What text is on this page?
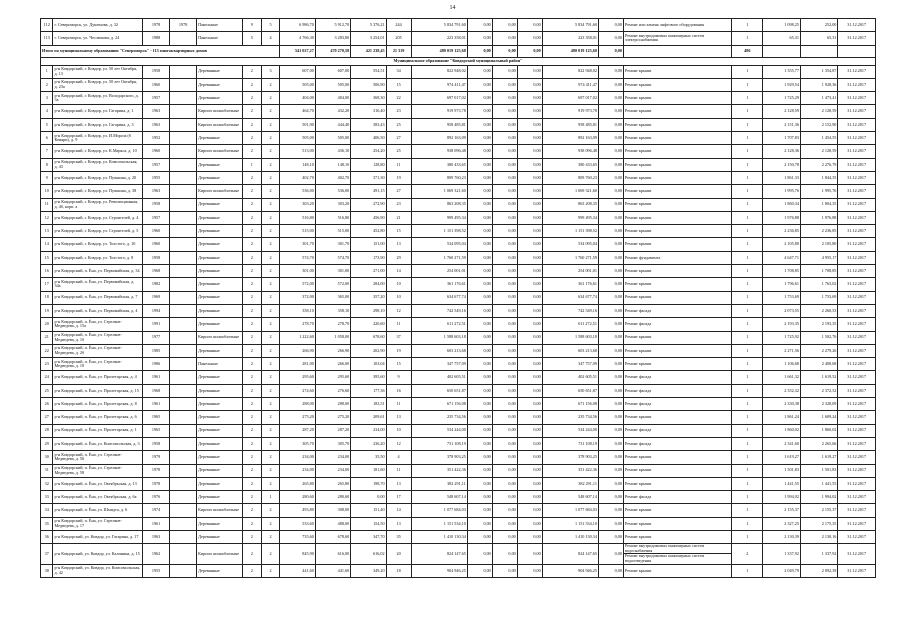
14
112	г. Североморск, ул. Душенова, д. 32	1978	1978	Панельные	9	5	6 986,70	5 912,70	5 376,21	244	5 834 791,60	0,00	0,00	0,00	5 834 791,60	0,00	Ремонт или замена лифтового оборудования	1	1 098,25	252,00	31.12.2017
113	г. Североморск, ул. Чеслюкова, д. 24	1988		Панельные	5	4	4 766,30	3 283,80	3 254,01	205	223 358,01	0,00	0,00	0,00	223 358,01	0,00	Ремонт внутридомовых инженерных систем электроснабжения	1	65,31	65,31	31.12.2017
Итого по муниципальному образованию "Североморск" - 113 многоквартирных домов							541 027,27	470 270,58	421 238,45	21 319	480 019 125,68	0,00	0,00	0,00	480 019 125,68	0,00		486			
Муниципальное образование "Ковдорский муниципальный район"																					
1	р-н Ковдорский, г. Ковдор, ул. 50 лет Октября, д. 13	1958		Деревянные	2	3	607,00	607,00	554,51	34	822 948,02	0,00	0,00	0,00	822 948,02	0,00	Ремонт крыши	1	1 355,77	1 354,87	31.12.2017
2	р-н Ковдорский, г. Ковдор, ул. 50 лет Октября, д. 23а	1960		Деревянные	2	2	505,00	505,00	506,90	15	974 411,47	0,00	0,00	0,00	974 411,47	0,00	Ремонт крыши	1	1 929,54	1 928,36	31.12.2017
3	р-н Ковдорский, г. Ковдор, ул. Володарского, д. 3а	1957		Деревянные	2	2	404,00	404,00	368,30	22	697 017,02	0,00	0,00	0,00	697 017,02	0,00	Ремонт крыши	1	1 725,29	1 473,41	31.12.2017
4	р-н Ковдорский, г. Ковдор, ул. Гагарина, д. 1	1963		Кирпич шлакоблочные	2	2	464,70	432,20	316,40	23	919 973,78	0,00	0,00	0,00	919 973,78	0,00	Ремонт крыши	1	2 128,59	2 128,59	31.12.2017
5	р-н Ковдорский, г. Ковдор, ул. Гагарина, д. 3	1963		Кирпич шлакоблочные	2	2	501,90	444,40	383,43	25	958 485,81	0,00	0,00	0,00	958 485,81	0,00	Ремонт крыши	1	2 151,36	2 152,90	31.12.2017
6	р-н Ковдорский, г. Ковдор, ул. И.Мороза (б Кеняри), д. 9	1952		Деревянные	2	2	505,00	505,00	406,50	27	892 163,09	0,00	0,00	0,00	892 163,09	0,00	Ремонт крыши	1	1 707,83	1 454,55	31.12.2017
7	р-н Ковдорский, г. Ковдор, ул. К.Маркса, д. 10	1960		Кирпич шлакоблочные	2	2	513,00	436,10	254,20	25	938 096,48	0,00	0,00	0,00	938 096,48	0,00	Ремонт крыши	1	2 128,36	2 128,59	31.12.2017
8	р-н Ковдорский, г. Ковдор, ул. Комсомольская, д. 43	1957		Деревянные	1	2	148,10	148,10	128,80	11	380 433,65	0,00	0,00	0,00	380 433,65	0,00	Ремонт крыши	1	2 150,78	2 276,79	31.12.2017
9	р-н Ковдорский, г. Ковдор, ул. Пушкина, д. 20	1955		Деревянные	2	2	402,70	402,70	371,30	19	809 760,23	0,00	0,00	0,00	809 760,23	0,00	Ремонт крыши	1	1 861,33	1 844,35	31.12.2017
10	р-н Ковдорский, г. Ковдор, ул. Пушкина, д. 38	1963		Кирпич шлакоблочные	2	2	536,00	536,00	491,15	27	1 069 321,60	0,00	0,00	0,00	1 069 321,60	0,00	Ремонт крыши	1	1 995,76	1 995,76	31.12.2017
11	р-н Ковдорский, г. Ковдор, ул. Революционная, д. 4б, корп. а	1958		Деревянные	2	2	303,20	303,20	272,90	23	863 208,35	0,00	0,00	0,00	863 208,35	0,00	Ремонт крыши	1	1 860,34	1 804,35	31.12.2017
12	р-н Ковдорский, г. Ковдор, ул. Строителей, д. 4	1957		Деревянные	2	2	516,80	516,80	456,90	21	999 495,34	0,00	0,00	0,00	999 495,34	0,00	Ремонт крыши	1	1 976,88	1 976,88	31.12.2017
13	р-н Ковдорский, г. Ковдор, ул. Строителей, д. 5	1960		Деревянные	2	2	515,00	515,00	452,80	15	1 151 398,52	0,00	0,00	0,00	1 151 398,52	0,00	Ремонт крыши	1	2 236,85	2 236,85	31.12.2017
14	р-н Ковдорский, г. Ковдор, ул. Толстого, д. 10	1960		Деревянные	2	2	301,70	301,70	151,00	13	534 095,04	0,00	0,00	0,00	534 095,04	0,00	Ремонт крыши	1	2 105,80	2 105,80	31.12.2017
15	р-н Ковдорский, г. Ковдор, ул. Толстого, д. 8	1958		Деревянные	2	2	574,70	574,70	173,90	29	1 760 271,59	0,00	0,00	0,00	1 760 271,59	0,00	Ремонт фундамента	1	4 647,71	4 955,17	31.12.2017
16	р-н Ковдорский, п. Ёна, ул. Первомайская, д. 34	1968		Деревянные	2	2	301,00	301,00	271,00	14	254 001,01	0,00	0,00	0,00	254 001,01	0,00	Ремонт крыши	1	1 708,85	1 708,85	31.12.2017
17	р-н Ковдорский, п. Ёна, ул. Первомайская, д. 34а	1982		Деревянные	2	2	572,00	572,00	284,00	10	361 176,61	0,00	0,00	0,00	361 176,61	0,00	Ремонт крыши	1	1 796,61	1 763,02	31.12.2017
18	р-н Ковдорский, п. Ёна, ул. Первомайская, д. 7	1969		Деревянные	2	2	372,00	365,00	357,20	10	634 677,74	0,00	0,00	0,00	634 677,74	0,00	Ремонт крыши	1	1 753,69	1 753,69	31.12.2017
19	р-н Ковдорский, п. Ёна, ул. Первомайская, д. 4	1994		Деревянные	2	2	358,10	358,10	298,10	12	742 549,16	0,00	0,00	0,00	742 549,16	0,00	Ремонт фасада	1	2 073,55	2 260,53	31.12.2017
20	р-н Ковдорский, п. Ёна, ул. Стрелков-Медведева, д. 15а	1991		Деревянные	2	2	278,70	278,70	220,60	11	611 272,51	0,00	0,00	0,00	611 272,51	0,00	Ремонт фасада	1	2 193,35	2 193,35	31.12.2017
21	р-н Ковдорский, п. Ёна, ул. Стрелков-Медведева, д. 1б	1977		Кирпич шлакоблочные	2	2	1 222,60	1 058,00	678,60	37	1 588 603,18	0,00	0,00	0,00	1 588 603,18	0,00	Ремонт крыши	1	1 725,92	1 502,76	31.12.2017
22	р-н Ковдорский, п. Ёна, ул. Стрелков-Медведева, д. 2б	1985		Деревянные	2	2	266,90	266,90	202,90	19	603 213,68	0,00	0,00	0,00	603 213,68	0,00	Ремонт крыши	1	2 271,56	2 279,26	31.12.2017
23	р-н Ковдорский, п. Ёна, ул. Стрелков-Медведева, д. 10	1986		Панельные	2	2	281,00	266,00	103,04	15	347 757,09	0,00	0,00	0,00	347 757,09	0,00	Ремонт крыши	1	1 106,68	2 408,68	31.12.2017
24	р-н Ковдорский, п. Ёна, ул. Пролетарская, д. 4	1961		Деревянные	2	2	295,60	295,60	395,60	9	402 605,51	0,00	0,00	0,00	402 605,51	0,00	Ремонт фасада	1	1 661,32	1 619,52	31.12.2017
25	р-н Ковдорский, п. Ёна, ул. Пролетарская, д. 15	1968		Деревянные	2	2	274,60	276,60	177,36	16	650 651,87	0,00	0,00	0,00	650 651,87	0,00	Ремонт фасада	1	2 352,32	2 372,52	31.12.2017
26	р-н Ковдорский, п. Ёна, ул. Пролетарская, д. 8	1961		Деревянные	2	2	288,00	288,00	183,51	11	671 156,08	0,00	0,00	0,00	671 156,08	0,00	Ремонт фасада	1	2 330,38	2 328,09	31.12.2017
27	р-н Ковдорский, п. Ёна, ул. Пролетарская, д. 6	1965		Деревянные	2	2	275,20	275,20	209,61	13	235 734,56	0,00	0,00	0,00	235 734,56	0,00	Ремонт крыши	1	1 861,24	1 609,24	31.12.2017
28	р-н Ковдорский, п. Ёна, ул. Пролетарская, д. 1	1965		Деревянные	2	2	287,20	287,20	234,00	10	534 244,00	0,00	0,00	0,00	534 244,00	0,00	Ремонт фасада	1	1 860,02	1 860,02	31.12.2017
29	р-н Ковдорский, п. Ёна, ул. Комсомольская, д. 3	1958		Деревянные	2	2	305,70	305,70	236,20	12	731 108,19	0,00	0,00	0,00	731 108,19	0,00	Ремонт фасада	1	2 341,60	2 265,66	31.12.2017
30	р-н Ковдорский, п. Ёна, ул. Стрелков-Медведева, д. 56	1979		Деревянные	2	2	234,00	234,00	35,50	4	378 903,25	0,00	0,00	0,00	378 903,25	0,00	Ремонт крыши	1	1 619,27	1 619,27	31.12.2017
31	р-н Ковдорский, п. Ёна, ул. Стрелков-Медведева, д. 58	1978		Деревянные	2	2	234,00	234,00	181,60	11	351 422,36	0,00	0,00	0,00	351 422,36	0,00	Ремонт крыши	1	1 501,83	1 501,83	31.12.2017
32	р-н Ковдорский, п. Ёна, ул. Октябрьская, д. 13	1978		Деревянные	2	2	265,80	265,80	198,70	13	382 291,11	0,00	0,00	0,00	382 291,11	0,00	Ремонт крыши	1	1 441,55	1 441,55	31.12.2017
33	р-н Ковдорский, п. Ёна, ул. Октябрьская, д. 6а	1976		Деревянные	2	1	280,60	280,60	0,00	17	548 607,14	0,00	0,00	0,00	548 607,14	0,00	Ремонт фасада	1	1 994,02	1 994,02	31.12.2017
34	р-н Ковдорский, п. Ёна, ул. Шмидта, д. 6	1974		Кирпич шлакоблочные	2	2	493,80	308,00	151,40	14	1 077 684,03	0,00	0,00	0,00	1 077 684,03	0,00	Ремонт крыши	1	2 155,37	2 155,37	31.12.2017
35	р-н Ковдорский, п. Ёна, ул. Стрелков-Медведева, д. 17	1961		Деревянные	2	2	533,60	488,00	154,50	13	1 151 534,10	0,00	0,00	0,00	1 151 534,10	0,00	Ремонт крыши	1	2 327,25	2 175,35	31.12.2017
36	р-н Ковдорский, ул. Ковдор, ул. Гагарина, д. 17	1963		Деревянные	2	2	735,60	678,60	347,70	35	1 410 130,34	0,00	0,00	0,00	1 410 130,34	0,00	Ремонт крыши	1	2 130,39	2 130,16	31.12.2017
37	р-н Ковдорский, ул. Ковдор, ул. Калинина, д. 15	1962		Кирпич шлакоблочные	2	2	845,90	616,00	616,02	20	824 147,65	0,00	0,00	0,00	824 147,65	0,00	Ремонт внутридомовых инженерных систем водоснабжения	2	1 337,92	1 337,92	31.12.2017
																	Ремонт внутридомовых инженерных систем водоотведения				
38	р-н Ковдорский, ул. Ковдор, ул. Комсомольская, д. 42	1955		Деревянные	2	2	441,60	441,60	349,20	18	904 946,25	0,00	0,00	0,00	904 946,25	0,00	Ремонт крыши	1	2 049,79	2 092,39	31.12.2017
